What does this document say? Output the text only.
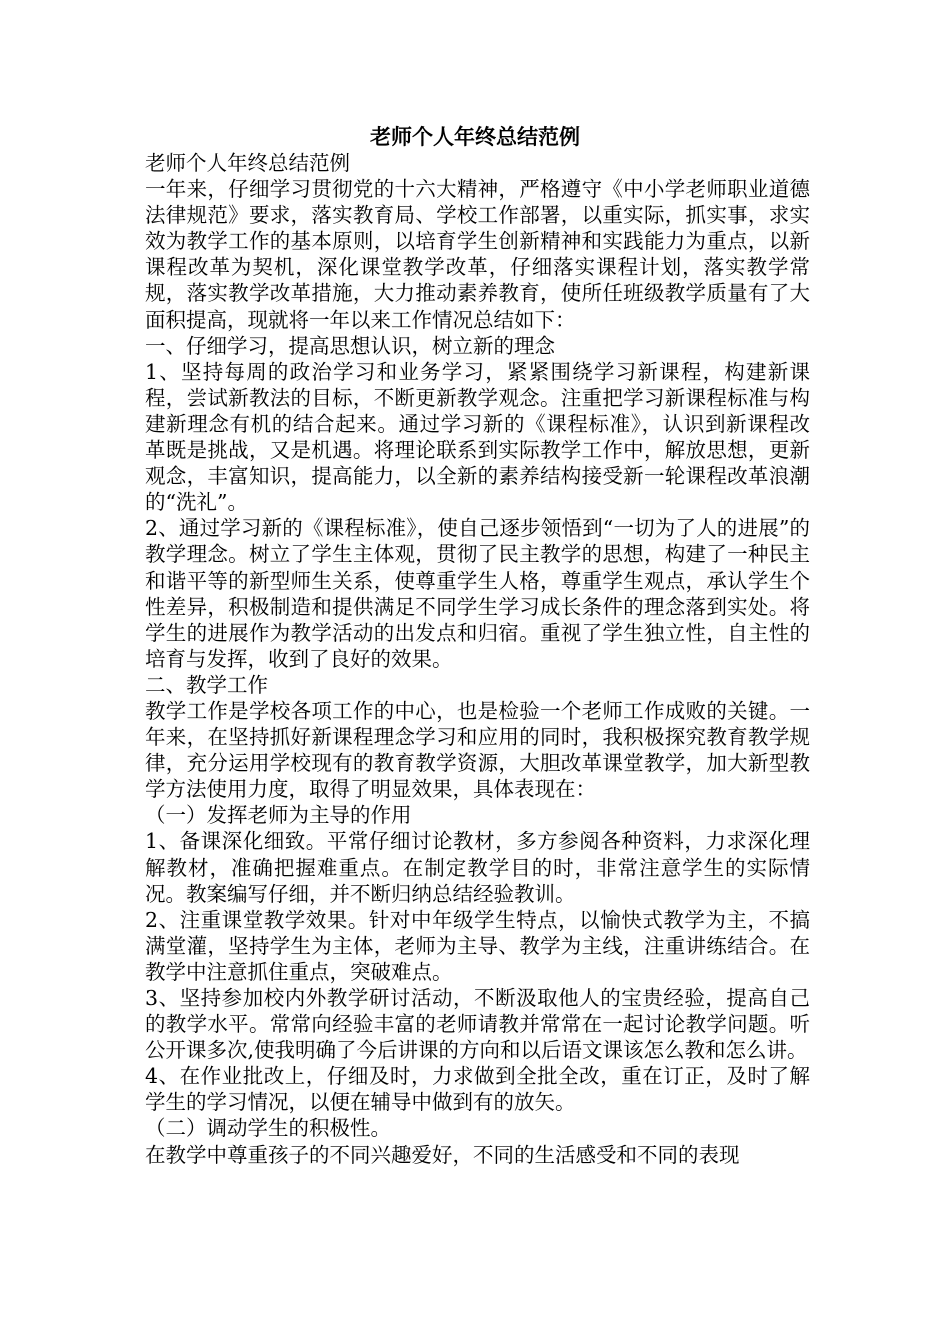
老师个人年终总结范例

老师个人年终总结范例

一年来，仔细学习贯彻党的十六大精神，严格遵守《中小学老师职业道德法律规范》要求，落实教育局、学校工作部署，以重实际，抓实事，求实效为教学工作的基本原则，以培育学生创新精神和实践能力为重点，以新课程改革为契机，深化课堂教学改革，仔细落实课程计划，落实教学常规，落实教学改革措施，大力推动素养教育，使所任班级教学质量有了大面积提高，现就将一年以来工作情况总结如下：

一、仔细学习，提高思想认识，树立新的理念

1、坚持每周的政治学习和业务学习，紧紧围绕学习新课程，构建新课程，尝试新教法的目标，不断更新教学观念。注重把学习新课程标准与构建新理念有机的结合起来。通过学习新的《课程标准》，认识到新课程改革既是挑战，又是机遇。将理论联系到实际教学工作中，解放思想，更新观念，丰富知识，提高能力，以全新的素养结构接受新一轮课程改革浪潮的“洗礼”。

2、通过学习新的《课程标准》，使自己逐步领悟到“一切为了人的进展”的教学理念。树立了学生主体观，贯彻了民主教学的思想，构建了一种民主和谐平等的新型师生关系，使尊重学生人格，尊重学生观点，承认学生个性差异，积极制造和提供满足不同学生学习成长条件的理念落到实处。将学生的进展作为教学活动的出发点和归宿。重视了学生独立性，自主性的培育与发挥，收到了良好的效果。

二、教学工作

教学工作是学校各项工作的中心，也是检验一个老师工作成败的关键。一年来，在坚持抓好新课程理念学习和应用的同时，我积极探究教育教学规律，充分运用学校现有的教育教学资源，大胆改革课堂教学，加大新型教学方法使用力度，取得了明显效果，具体表现在：

（一）发挥老师为主导的作用

1、备课深化细致。平常仔细讨论教材，多方参阅各种资料，力求深化理解教材，准确把握难重点。在制定教学目的时，非常注意学生的实际情况。教案编写仔细，并不断归纳总结经验教训。

2、注重课堂教学效果。针对中年级学生特点，以愉快式教学为主，不搞满堂灌，坚持学生为主体，老师为主导、教学为主线，注重讲练结合。在教学中注意抓住重点，突破难点。

3、坚持参加校内外教学研讨活动，不断汲取他人的宝贵经验，提高自己的教学水平。常常向经验丰富的老师请教并常常在一起讨论教学问题。听公开课多次,使我明确了今后讲课的方向和以后语文课该怎么教和怎么讲。

4、在作业批改上，仔细及时，力求做到全批全改，重在订正，及时了解学生的学习情况，以便在辅导中做到有的放矢。

（二）调动学生的积极性。

在教学中尊重孩子的不同兴趣爱好，不同的生活感受和不同的表现
